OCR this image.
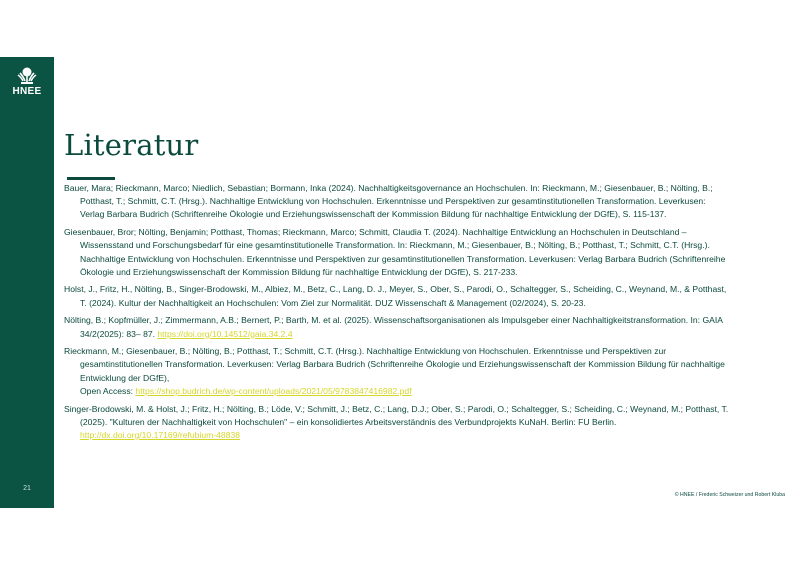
HNEE
21
Literatur
Bauer, Mara; Rieckmann, Marco; Niedlich, Sebastian; Bormann, Inka (2024). Nachhaltigkeitsgovernance an Hochschulen. In: Rieckmann, M.; Giesenbauer, B.; Nölting, B.; Potthast, T.; Schmitt, C.T. (Hrsg.). Nachhaltige Entwicklung von Hochschulen. Erkenntnisse und Perspektiven zur gesamtinstitutionellen Transformation. Leverkusen: Verlag Barbara Budrich (Schriftenreihe Ökologie und Erziehungswissenschaft der Kommission Bildung für nachhaltige Entwicklung der DGfE), S. 115-137.
Giesenbauer, Bror; Nölting, Benjamin; Potthast, Thomas; Rieckmann, Marco; Schmitt, Claudia T. (2024). Nachhaltige Entwicklung an Hochschulen in Deutschland – Wissensstand und Forschungsbedarf für eine gesamtinstitutionelle Transformation. In: Rieckmann, M.; Giesenbauer, B.; Nölting, B.; Potthast, T.; Schmitt, C.T. (Hrsg.). Nachhaltige Entwicklung von Hochschulen. Erkenntnisse und Perspektiven zur gesamtinstitutionellen Transformation. Leverkusen: Verlag Barbara Budrich (Schriftenreihe Ökologie und Erziehungswissenschaft der Kommission Bildung für nachhaltige Entwicklung der DGfE), S. 217-233.
Holst, J., Fritz, H., Nölting, B., Singer-Brodowski, M., Albiez, M., Betz, C., Lang, D. J., Meyer, S., Ober, S., Parodi, O., Schaltegger, S., Scheiding, C., Weynand, M., & Potthast, T. (2024). Kultur der Nachhaltigkeit an Hochschulen: Vom Ziel zur Normalität. DUZ Wissenschaft & Management (02/2024), S. 20-23.
Nölting, B.; Kopfmüller, J.; Zimmermann, A.B.; Bernert, P.; Barth, M. et al. (2025). Wissenschaftsorganisationen als Impulsgeber einer Nachhaltigkeitstransformation. In: GAIA 34/2(2025): 83– 87. https://doi.org/10.14512/gaia.34.2.4
Rieckmann, M.; Giesenbauer, B.; Nölting, B.; Potthast, T.; Schmitt, C.T. (Hrsg.). Nachhaltige Entwicklung von Hochschulen. Erkenntnisse und Perspektiven zur gesamtinstitutionellen Transformation. Leverkusen: Verlag Barbara Budrich (Schriftenreihe Ökologie und Erziehungswissenschaft der Kommission Bildung für nachhaltige Entwicklung der DGfE),
Open Access: https://shop.budrich.de/wp-content/uploads/2021/05/9783847416982.pdf
Singer-Brodowski, M. & Holst, J.; Fritz, H.; Nölting, B.; Löde, V.; Schmitt, J.; Betz, C.; Lang, D.J.; Ober, S.; Parodi, O.; Schaltegger, S.; Scheiding, C.; Weynand, M.; Potthast, T. (2025). "Kulturen der Nachhaltigkeit von Hochschulen" – ein konsolidiertes Arbeitsverständnis des Verbundprojekts KuNaH. Berlin: FU Berlin. http://dx.doi.org/10.17169/refubium-48838
© HNEE / Frederic Schweizer und Robert Kluba
